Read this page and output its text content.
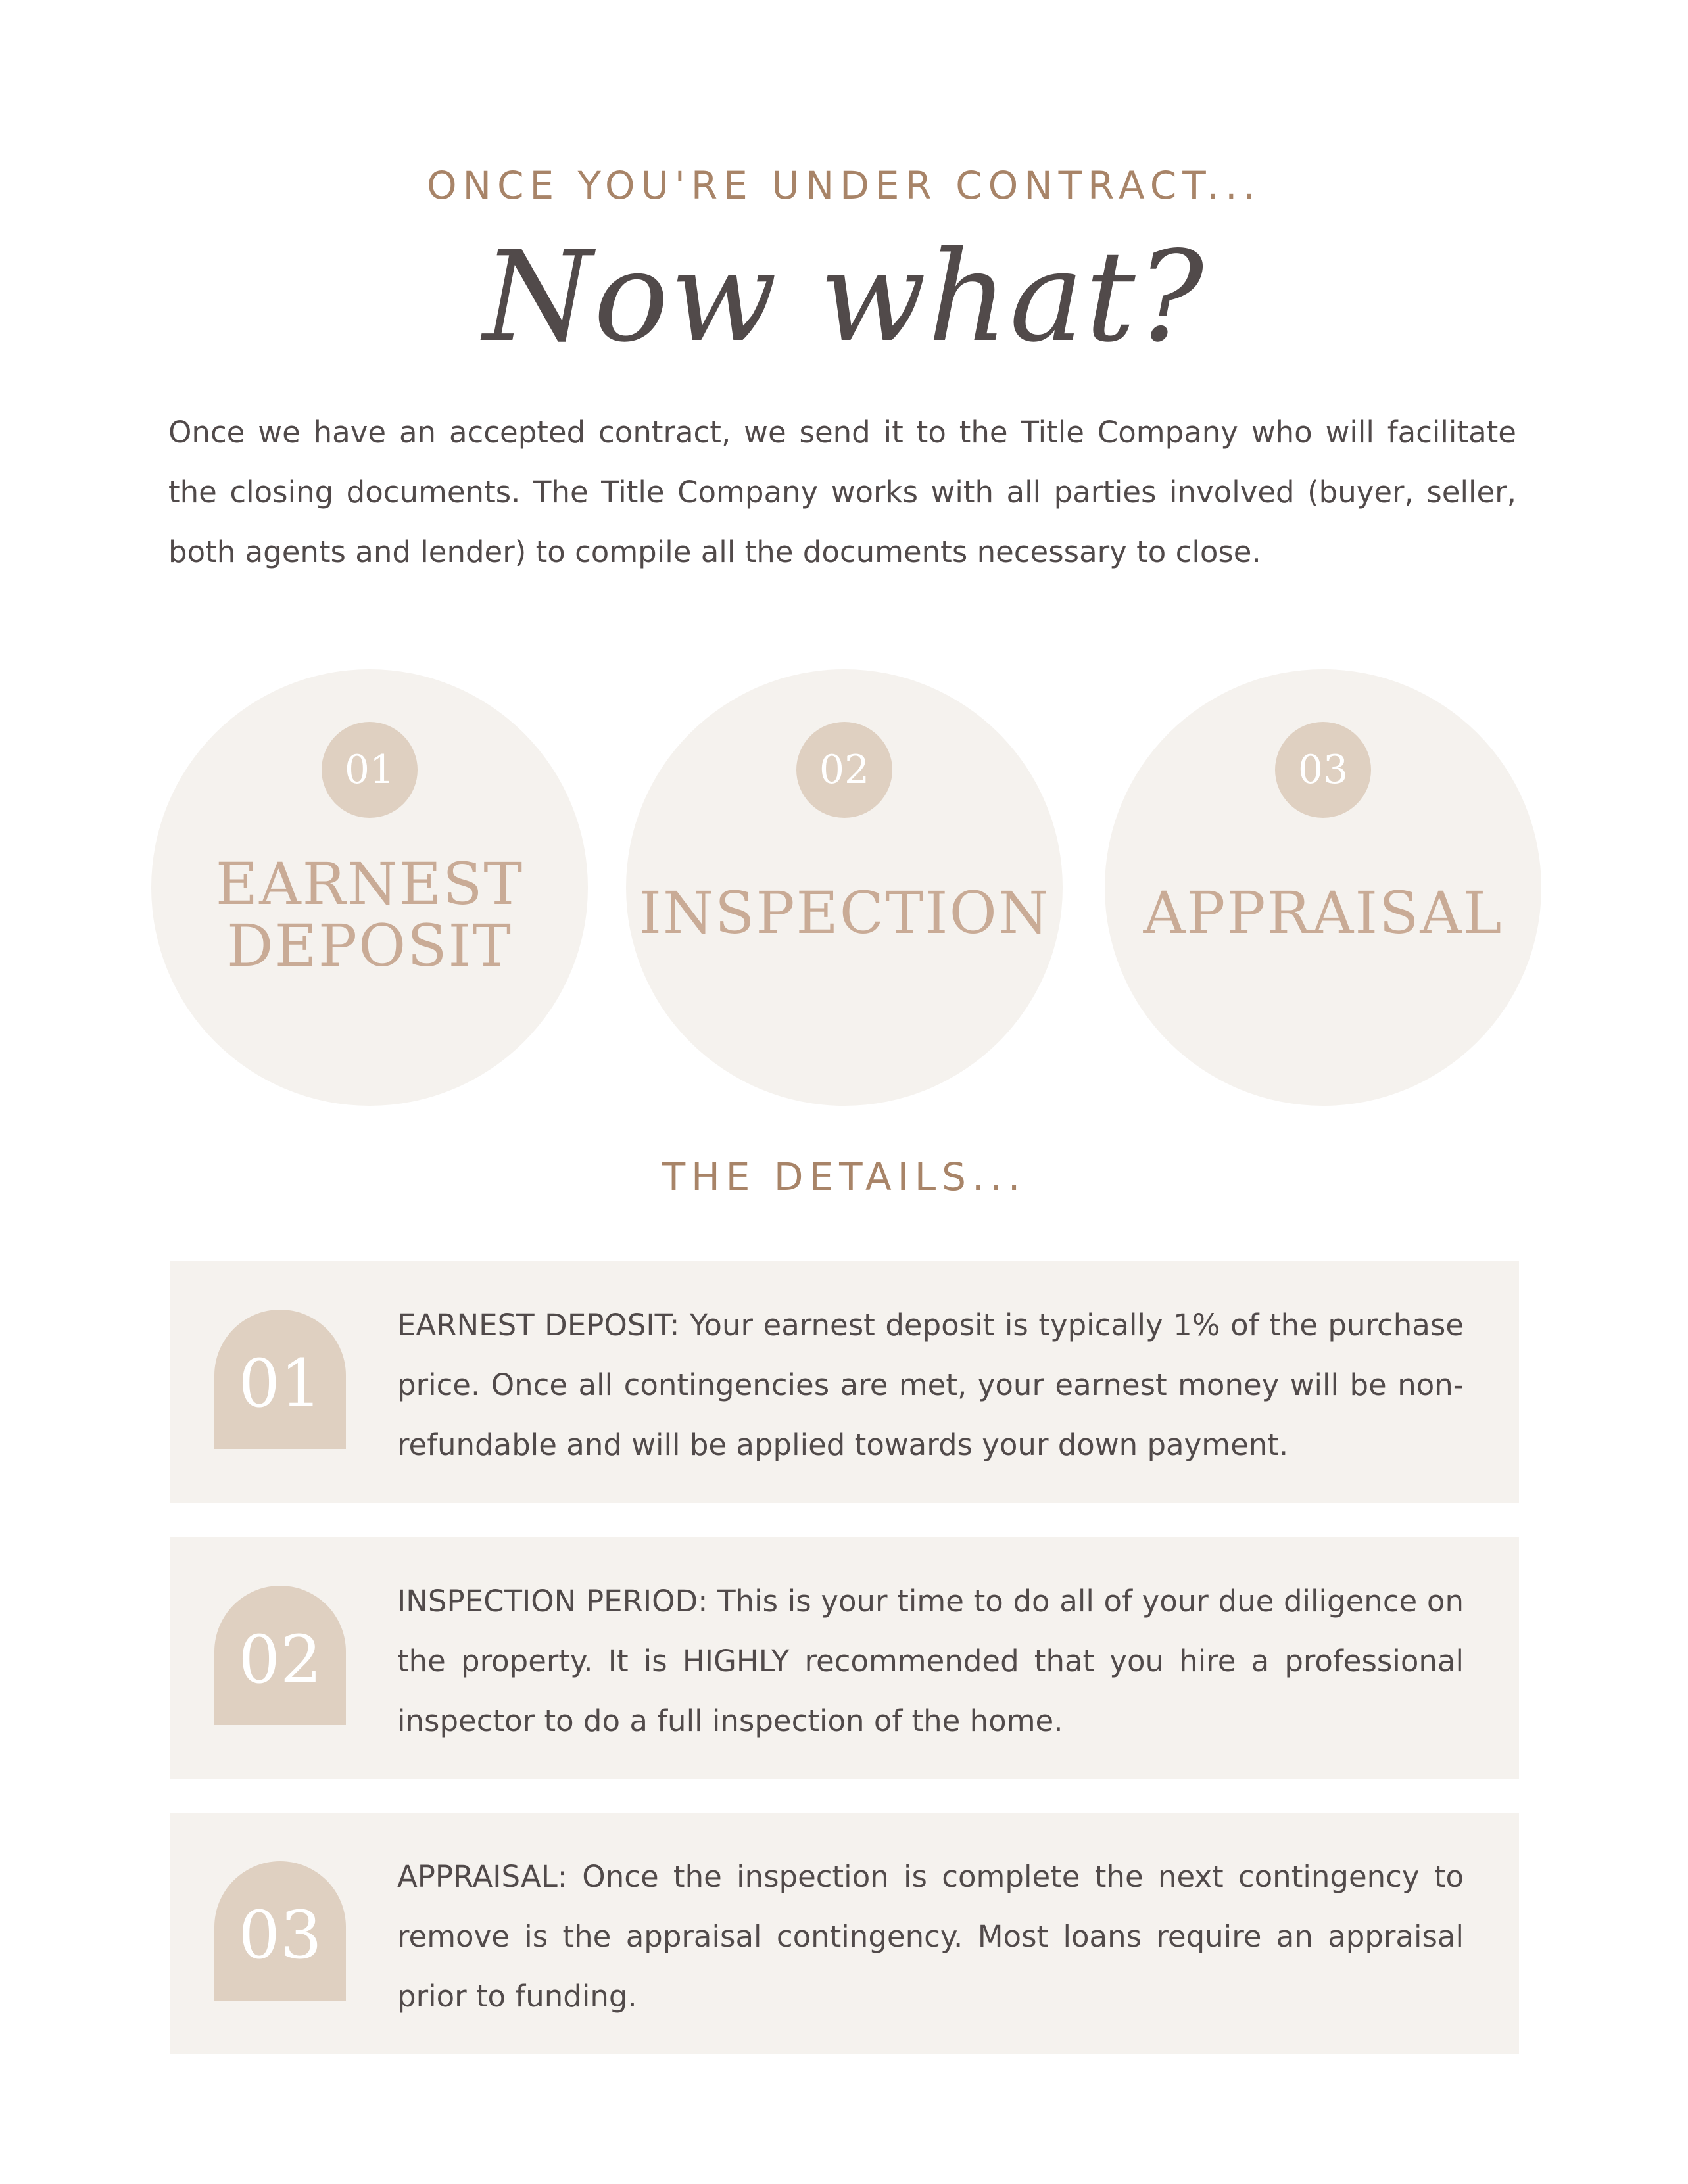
ONCE YOU'RE UNDER CONTRACT...
Now what?
Once we have an accepted contract, we send it to the Title Company who will facilitate the closing documents. The Title Company works with all parties involved (buyer, seller, both agents and lender) to compile all the documents necessary to close.
01
EARNEST
DEPOSIT
02
INSPECTION
03
APPRAISAL
THE DETAILS...
01
EARNEST DEPOSIT: Your earnest deposit is typically 1% of the purchase price. Once all contingencies are met, your earnest money will be non-refundable and will be applied towards your down payment.
02
INSPECTION PERIOD: This is your time to do all of your due diligence on the property. It is HIGHLY recommended that you hire a professional inspector to do a full inspection of the home.
03
APPRAISAL: Once the inspection is complete the next contingency to remove is the appraisal contingency. Most loans require an appraisal prior to funding.
